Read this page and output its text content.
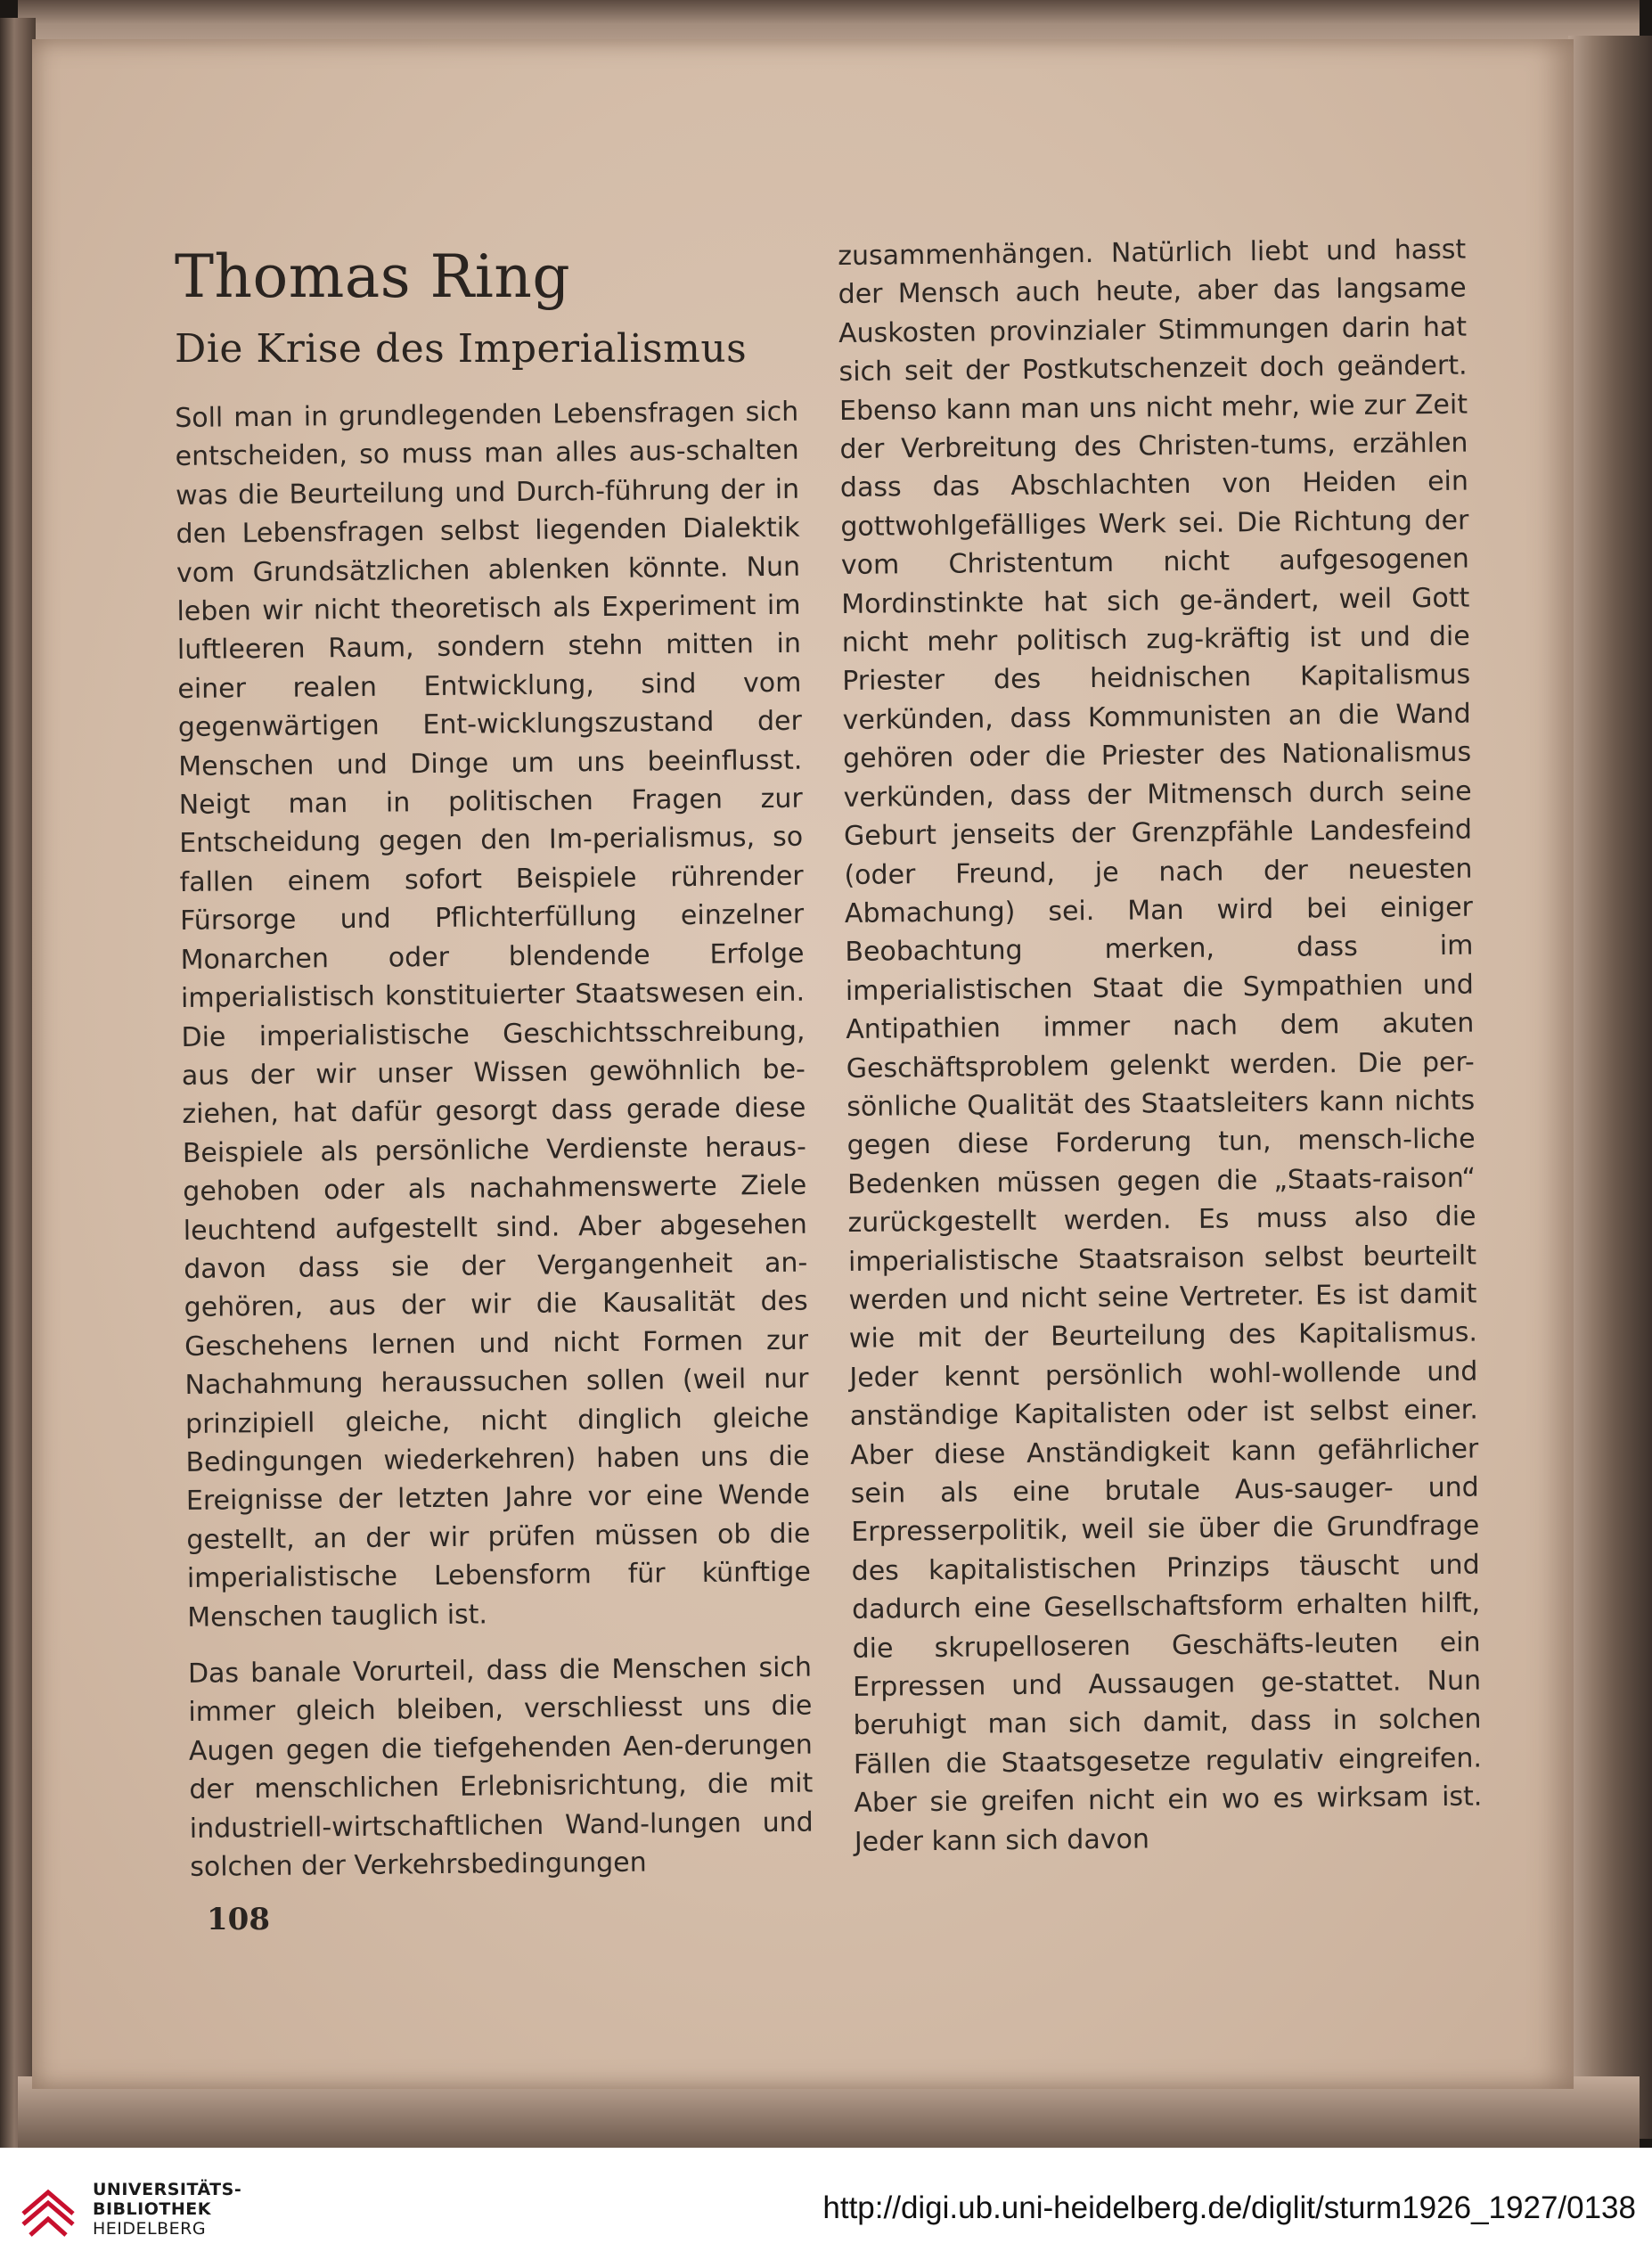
Thomas Ring
Die Krise des Imperialismus

Soll man in grundlegenden Lebensfragen sich entscheiden, so muss man alles aus-schalten was die Beurteilung und Durch-führung der in den Lebensfragen selbst liegenden Dialektik vom Grundsätzlichen ablenken könnte. Nun leben wir nicht theoretisch als Experiment im luftleeren Raum, sondern stehn mitten in einer realen Entwicklung, sind vom gegenwärtigen Ent-wicklungszustand der Menschen und Dinge um uns beeinflusst. Neigt man in politischen Fragen zur Entscheidung gegen den Im-perialismus, so fallen einem sofort Beispiele rührender Fürsorge und Pflichterfüllung einzelner Monarchen oder blendende Erfolge imperialistisch konstituierter Staatswesen ein. Die imperialistische Geschichtsschreibung, aus der wir unser Wissen gewöhnlich be-ziehen, hat dafür gesorgt dass gerade diese Beispiele als persönliche Verdienste heraus-gehoben oder als nachahmenswerte Ziele leuchtend aufgestellt sind. Aber abgesehen davon dass sie der Vergangenheit an-gehören, aus der wir die Kausalität des Geschehens lernen und nicht Formen zur Nachahmung heraussuchen sollen (weil nur prinzipiell gleiche, nicht dinglich gleiche Bedingungen wiederkehren) haben uns die Ereignisse der letzten Jahre vor eine Wende gestellt, an der wir prüfen müssen ob die imperialistische Lebensform für künftige Menschen tauglich ist.

Das banale Vorurteil, dass die Menschen sich immer gleich bleiben, verschliesst uns die Augen gegen die tiefgehenden Aen-derungen der menschlichen Erlebnisrichtung, die mit industriell-wirtschaftlichen Wand-lungen und solchen der Verkehrsbedingungen

zusammenhängen. Natürlich liebt und hasst der Mensch auch heute, aber das langsame Auskosten provinzialer Stimmungen darin hat sich seit der Postkutschenzeit doch geändert. Ebenso kann man uns nicht mehr, wie zur Zeit der Verbreitung des Christen-tums, erzählen dass das Abschlachten von Heiden ein gottwohlgefälliges Werk sei. Die Richtung der vom Christentum nicht aufgesogenen Mordinstinkte hat sich ge-ändert, weil Gott nicht mehr politisch zug-kräftig ist und die Priester des heidnischen Kapitalismus verkünden, dass Kommunisten an die Wand gehören oder die Priester des Nationalismus verkünden, dass der Mitmensch durch seine Geburt jenseits der Grenzpfähle Landesfeind (oder Freund, je nach der neuesten Abmachung) sei. Man wird bei einiger Beobachtung merken, dass im imperialistischen Staat die Sympathien und Antipathien immer nach dem akuten Geschäftsproblem gelenkt werden. Die per-sönliche Qualität des Staatsleiters kann nichts gegen diese Forderung tun, mensch-liche Bedenken müssen gegen die „Staats-raison“ zurückgestellt werden. Es muss also die imperialistische Staatsraison selbst beurteilt werden und nicht seine Vertreter. Es ist damit wie mit der Beurteilung des Kapitalismus. Jeder kennt persönlich wohl-wollende und anständige Kapitalisten oder ist selbst einer. Aber diese Anständigkeit kann gefährlicher sein als eine brutale Aus-sauger- und Erpresserpolitik, weil sie über die Grundfrage des kapitalistischen Prinzips täuscht und dadurch eine Gesellschaftsform erhalten hilft, die skrupelloseren Geschäfts-leuten ein Erpressen und Aussaugen ge-stattet. Nun beruhigt man sich damit, dass in solchen Fällen die Staatsgesetze regulativ eingreifen. Aber sie greifen nicht ein wo es wirksam ist. Jeder kann sich davon

108
UNIVERSITÄTS-
BIBLIOTHEK
HEIDELBERG
http://digi.ub.uni-heidelberg.de/diglit/sturm1926_1927/0138
